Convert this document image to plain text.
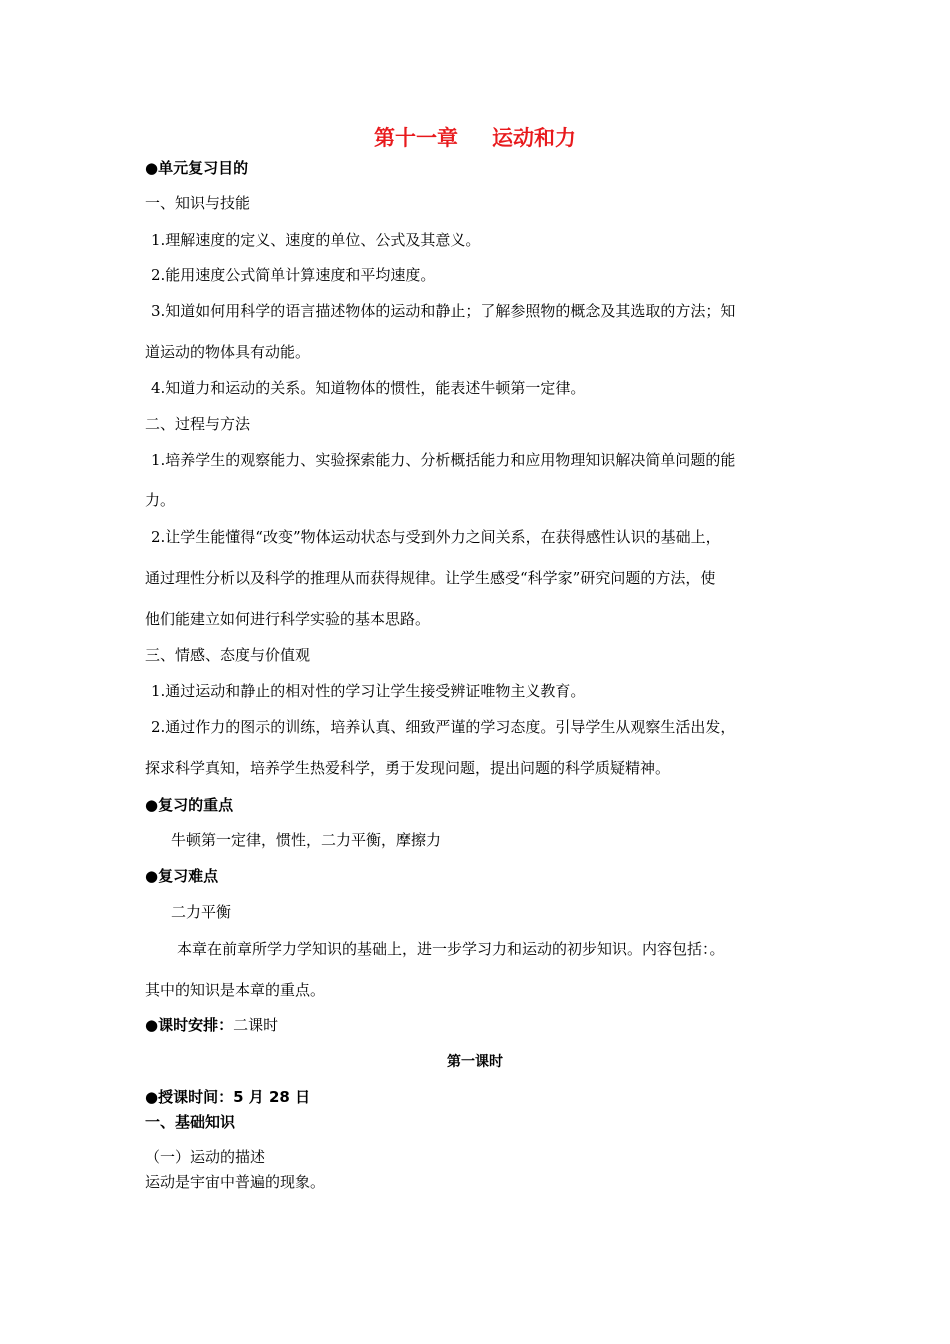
第十一章 运动和力
●单元复习目的
一、知识与技能
1.理解速度的定义、速度的单位、公式及其意义。
2.能用速度公式简单计算速度和平均速度。
3.知道如何用科学的语言描述物体的运动和静止；了解参照物的概念及其选取的方法；知
道运动的物体具有动能。
4.知道力和运动的关系。知道物体的惯性，能表述牛顿第一定律。
二、过程与方法
1.培养学生的观察能力、实验探索能力、分析概括能力和应用物理知识解决简单问题的能
力。
2.让学生能懂得“改变”物体运动状态与受到外力之间关系，在获得感性认识的基础上，
通过理性分析以及科学的推理从而获得规律。让学生感受“科学家”研究问题的方法，使
他们能建立如何进行科学实验的基本思路。
三、情感、态度与价值观
1.通过运动和静止的相对性的学习让学生接受辨证唯物主义教育。
2.通过作力的图示的训练，培养认真、细致严谨的学习态度。引导学生从观察生活出发，
探求科学真知，培养学生热爱科学，勇于发现问题，提出问题的科学质疑精神。
●复习的重点
牛顿第一定律，惯性，二力平衡，摩擦力
●复习难点
二力平衡
本章在前章所学力学知识的基础上，进一步学习力和运动的初步知识。内容包括：。
其中的知识是本章的重点。
●课时安排：二课时
第一课时
●授课时间：5 月 28 日
一、基础知识
（一）运动的描述
运动是宇宙中普遍的现象。
